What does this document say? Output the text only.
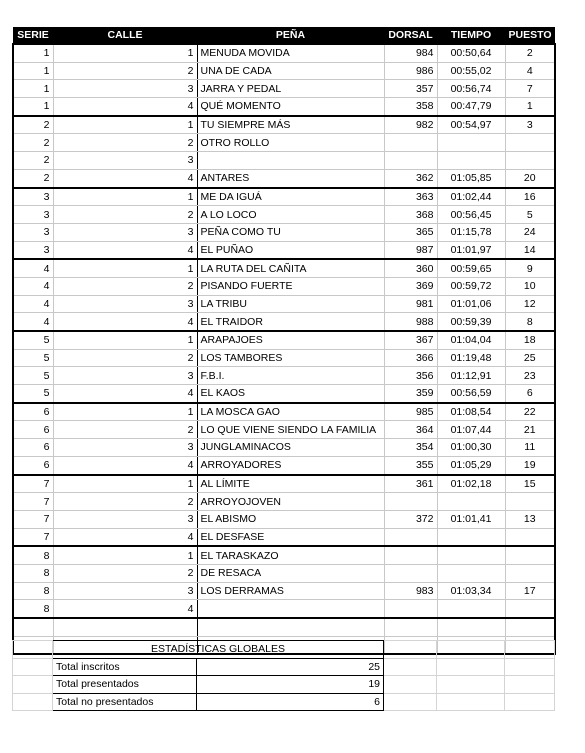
SERIE	CALLE	PEÑA	DORSAL	TIEMPO	PUESTO
1	1	MENUDA MOVIDA	984	00:50,64	2
1	2	UNA DE CADA	986	00:55,02	4
1	3	JARRA Y PEDAL	357	00:56,74	7
1	4	QUÉ MOMENTO	358	00:47,79	1
2	1	TU SIEMPRE MÁS	982	00:54,97	3
2	2	OTRO ROLLO			
2	3				
2	4	ANTARES	362	01:05,85	20
3	1	ME DA IGUÁ	363	01:02,44	16
3	2	A LO LOCO	368	00:56,45	5
3	3	PEÑA COMO TU	365	01:15,78	24
3	4	EL PUÑAO	987	01:01,97	14
4	1	LA RUTA DEL CAÑITA	360	00:59,65	9
4	2	PISANDO FUERTE	369	00:59,72	10
4	3	LA TRIBU	981	01:01,06	12
4	4	EL TRAIDOR	988	00:59,39	8
5	1	ARAPAJOES	367	01:04,04	18
5	2	LOS TAMBORES	366	01:19,48	25
5	3	F.B.I.	356	01:12,91	23
5	4	EL KAOS	359	00:56,59	6
6	1	LA MOSCA GAO	985	01:08,54	22
6	2	LO QUE VIENE SIENDO LA FAMILIA	364	01:07,44	21
6	3	JUNGLAMINACOS	354	01:00,30	11
6	4	ARROYADORES	355	01:05,29	19
7	1	AL LÍMITE	361	01:02,18	15
7	2	ARROYOJOVEN			
7	3	EL ABISMO	372	01:01,41	13
7	4	EL DESFASE			
8	1	EL TARASKAZO			
8	2	DE RESACA			
8	3	LOS DERRAMAS	983	01:03,34	17
8	4				

	ESTADÍSTICAS GLOBALES				
	Total inscritos	25			
	Total presentados	19			
	Total no presentados	6			
